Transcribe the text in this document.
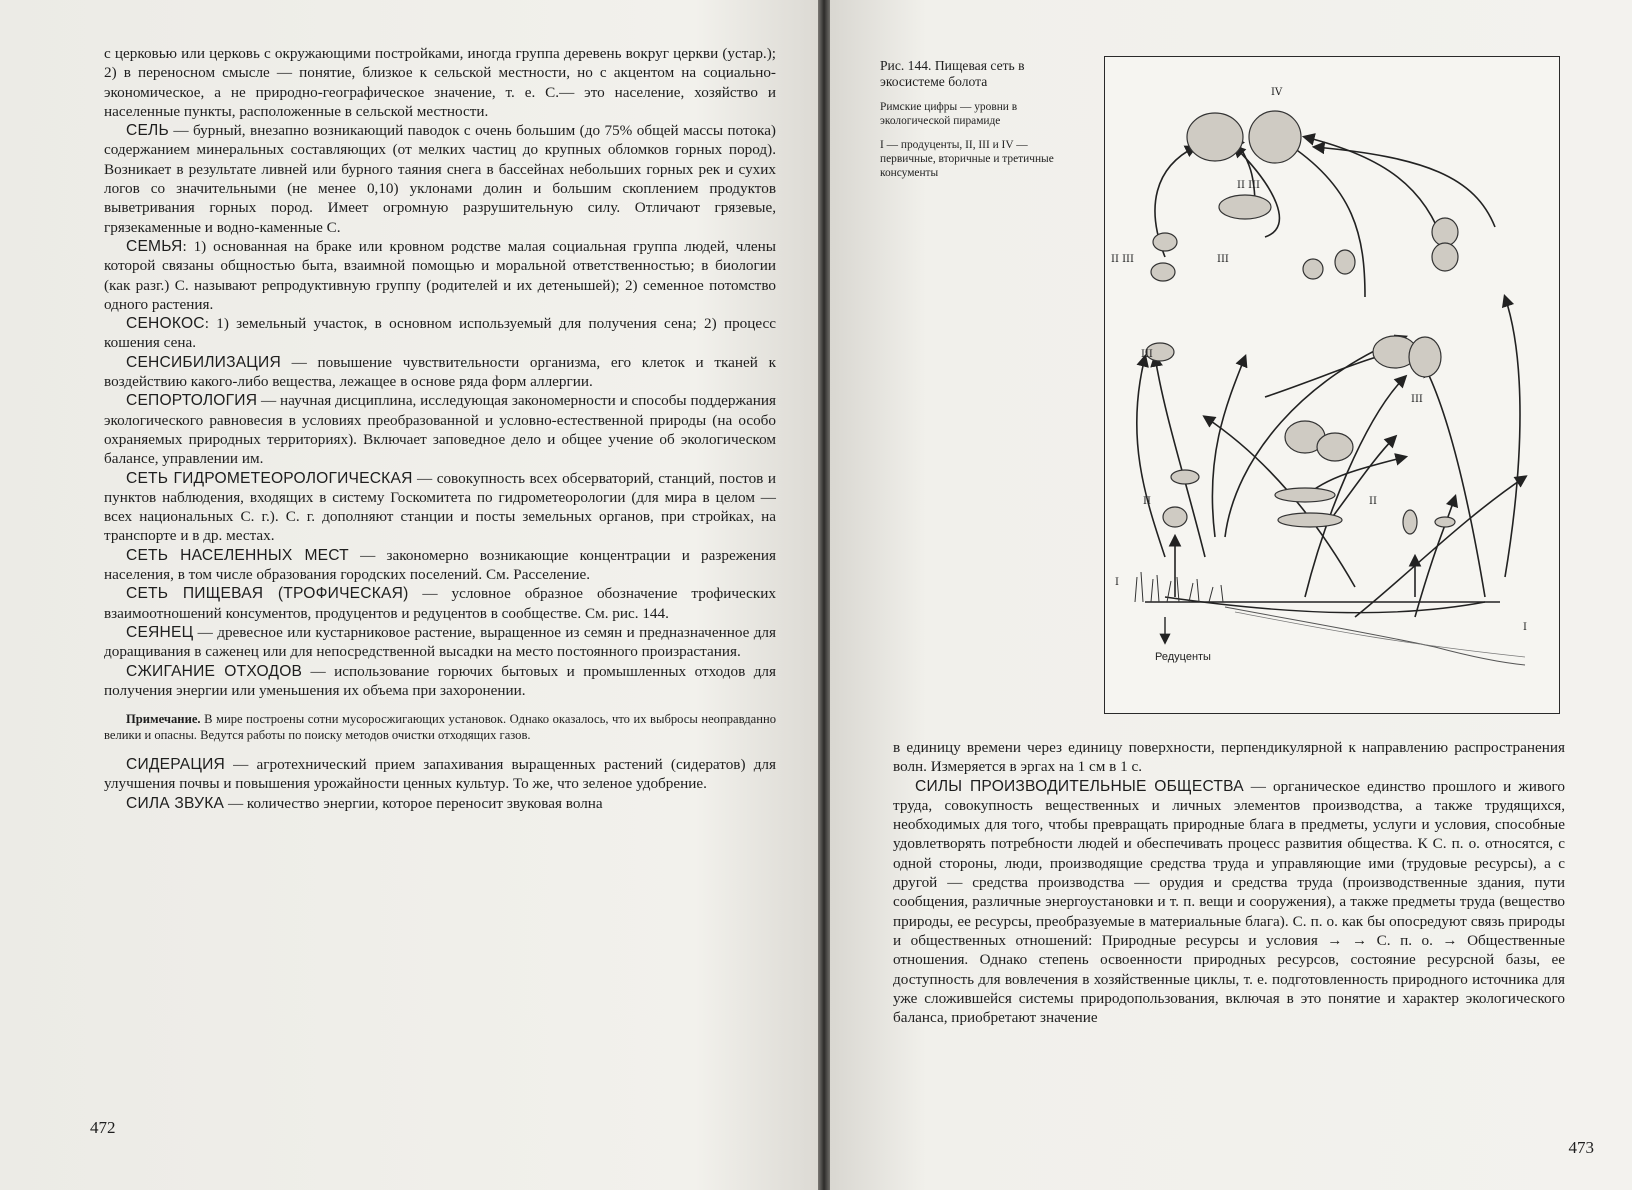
с церковью или церковь с окружающими постройками, иногда группа деревень вокруг церкви (устар.); 2) в переносном смысле — понятие, близкое к сельской местности, но с акцентом на социально-экономическое, а не природно-географическое значение, т. е. С.— это население, хозяйство и населенные пункты, расположенные в сельской местности.

СЕЛЬ — бурный, внезапно возникающий паводок с очень большим (до 75% общей массы потока) содержанием минеральных составляющих (от мелких частиц до крупных обломков горных пород). Возникает в результате ливней или бурного таяния снега в бассейнах небольших горных рек и сухих логов со значительными (не менее 0,10) уклонами долин и большим скоплением продуктов выветривания горных пород. Имеет огромную разрушительную силу. Отличают грязевые, грязекаменные и водно-каменные С.

СЕМЬЯ: 1) основанная на браке или кровном родстве малая социальная группа людей, члены которой связаны общностью быта, взаимной помощью и моральной ответственностью; в биологии (как разг.) С. называют репродуктивную группу (родителей и их детенышей); 2) семенное потомство одного растения.

СЕНОКОС: 1) земельный участок, в основном используемый для получения сена; 2) процесс кошения сена.

СЕНСИБИЛИЗАЦИЯ — повышение чувствительности организма, его клеток и тканей к воздействию какого-либо вещества, лежащее в основе ряда форм аллергии.

СЕПОРТОЛОГИЯ — научная дисциплина, исследующая закономерности и способы поддержания экологического равновесия в условиях преобразованной и условно-естественной природы (на особо охраняемых природных территориях). Включает заповедное дело и общее учение об экологическом балансе, управлении им.

СЕТЬ ГИДРОМЕТЕОРОЛОГИЧЕСКАЯ — совокупность всех обсерваторий, станций, постов и пунктов наблюдения, входящих в систему Госкомитета по гидрометеорологии (для мира в целом — всех национальных С. г.). С. г. дополняют станции и посты земельных органов, при стройках, на транспорте и в др. местах.

СЕТЬ НАСЕЛЕННЫХ МЕСТ — закономерно возникающие концентрации и разрежения населения, в том числе образования городских поселений. См. Расселение.

СЕТЬ ПИЩЕВАЯ (ТРОФИЧЕСКАЯ) — условное образное обозначение трофических взаимоотношений консументов, продуцентов и редуцентов в сообществе. См. рис. 144.

СЕЯНЕЦ — древесное или кустарниковое растение, выращенное из семян и предназначенное для доращивания в саженец или для непосредственной высадки на место постоянного произрастания.

СЖИГАНИЕ ОТХОДОВ — использование горючих бытовых и промышленных отходов для получения энергии или уменьшения их объема при захоронении.

Примечание. В мире построены сотни мусоросжигающих установок. Однако оказалось, что их выбросы неоправданно велики и опасны. Ведутся работы по поиску методов очистки отходящих газов.

СИДЕРАЦИЯ — агротехнический прием запахивания выращенных растений (сидератов) для улучшения почвы и повышения урожайности ценных культур. То же, что зеленое удобрение.

СИЛА ЗВУКА — количество энергии, которое переносит звуковая волна

472
473
Рис. 144. Пищевая сеть в экосистеме болота
Римские цифры — уровни в экологической пирамиде
I — продуценты, II, III и IV — первичные, вторичные и третичные консументы
IV
II III
II III	III
III
III
II	II
I
I
Редуценты

в единицу времени через единицу поверхности, перпендикулярной к направлению распространения волн. Измеряется в эргах на 1 см в 1 с.

СИЛЫ ПРОИЗВОДИТЕЛЬНЫЕ ОБЩЕСТВА — органическое единство прошлого и живого труда, совокупность вещественных и личных элементов производства, а также трудящихся, необходимых для того, чтобы превращать природные блага в предметы, услуги и условия, способные удовлетворять потребности людей и обеспечивать процесс развития общества. К С. п. о. относятся, с одной стороны, люди, производящие средства труда и управляющие ими (трудовые ресурсы), а с другой — средства производства — орудия и средства труда (производственные здания, пути сообщения, различные энергоустановки и т. п. вещи и сооружения), а также предметы труда (вещество природы, ее ресурсы, преобразуемые в материальные блага). С. п. о. как бы опосредуют связь природы и общественных отношений: Природные ресурсы и условия → → С. п. о. → Общественные отношения. Однако степень освоенности природных ресурсов, состояние ресурсной базы, ее доступность для вовлечения в хозяйственные циклы, т. е. подготовленность природного источника для уже сложившейся системы природопользования, включая в это понятие и характер экологического баланса, приобретают значение
